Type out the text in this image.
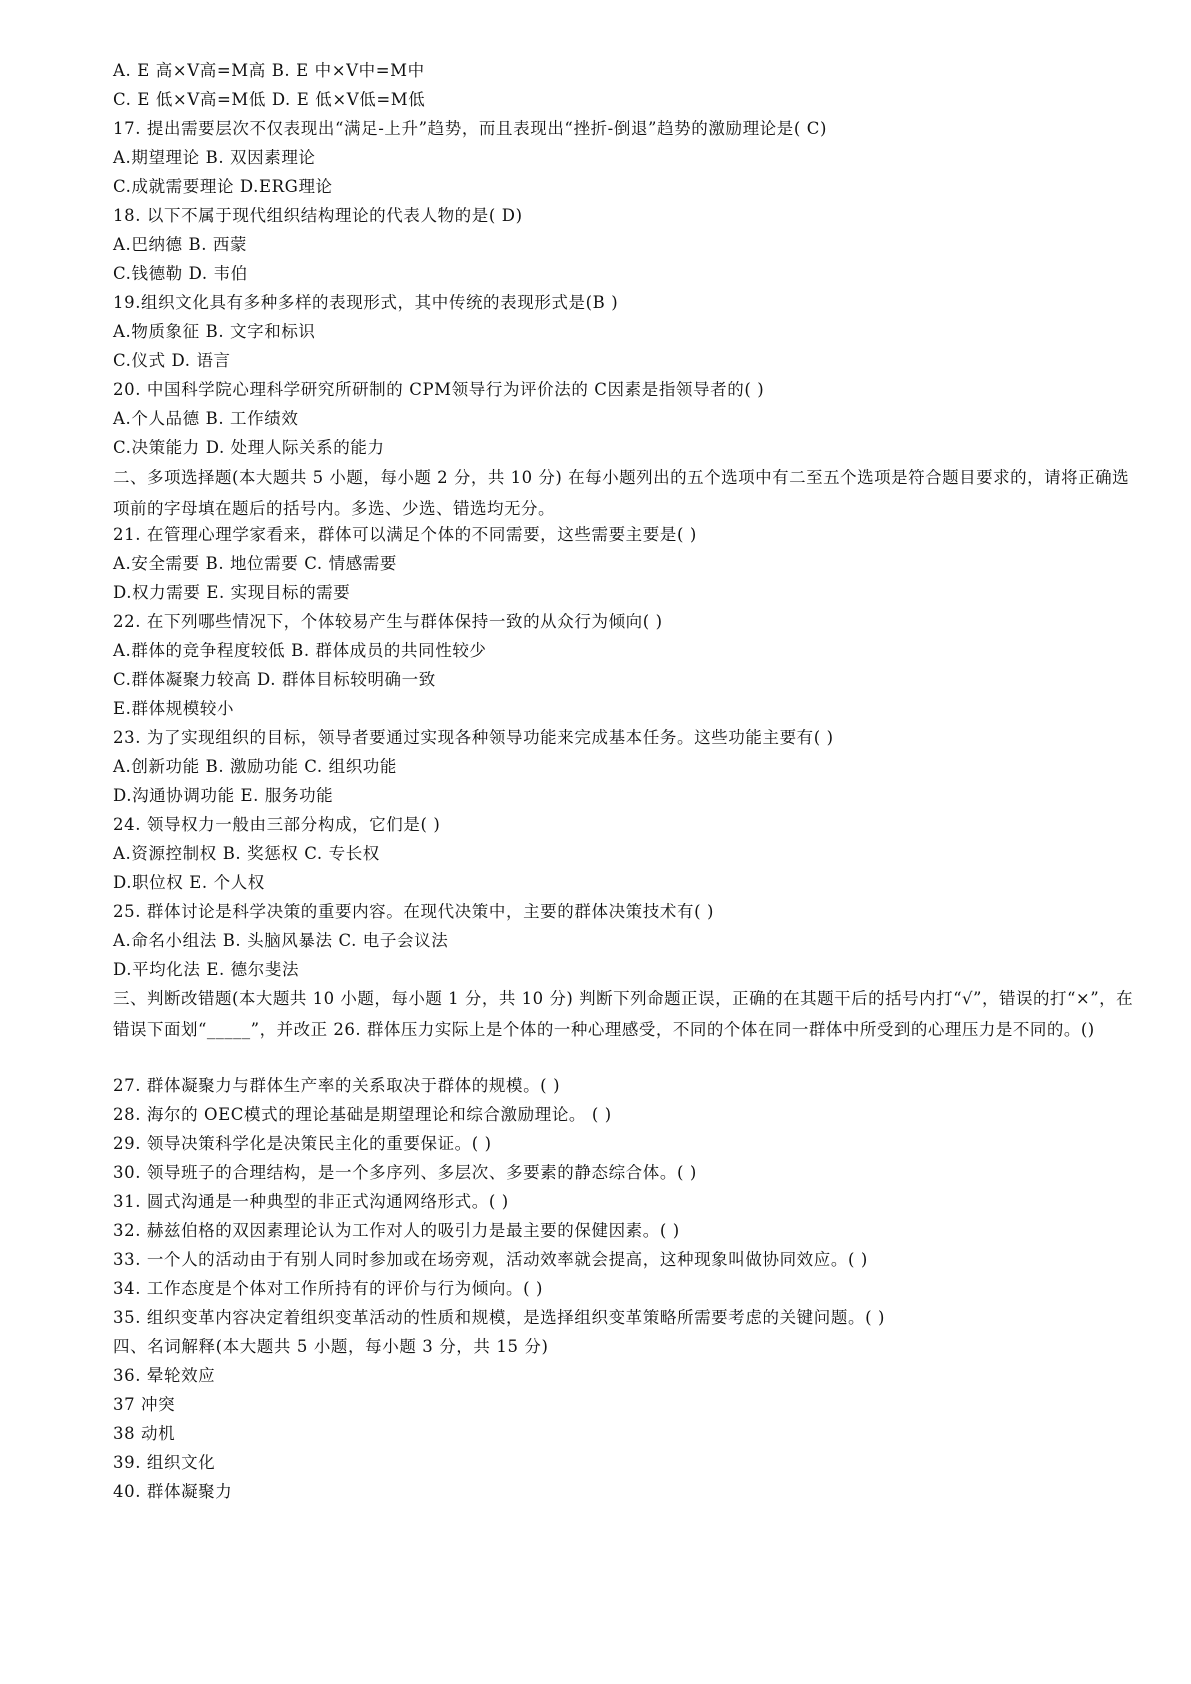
A. E 高×V高=M高 B. E 中×V中=M中
C. E 低×V高=M低 D. E 低×V低=M低
17. 提出需要层次不仅表现出“满足-上升”趋势，而且表现出“挫折-倒退”趋势的激励理论是( C)
A.期望理论 B. 双因素理论
C.成就需要理论 D.ERG理论
18. 以下不属于现代组织结构理论的代表人物的是( D)
A.巴纳德 B. 西蒙
C.钱德勒 D. 韦伯
19.组织文化具有多种多样的表现形式，其中传统的表现形式是(B )
A.物质象征 B. 文字和标识
C.仪式 D. 语言
20. 中国科学院心理科学研究所研制的 CPM领导行为评价法的 C因素是指领导者的( )
A.个人品德 B. 工作绩效
C.决策能力 D. 处理人际关系的能力
二、多项选择题(本大题共 5 小题，每小题 2 分，共 10 分) 在每小题列出的五个选项中有二至五个选项是符合题目要求的，请将正确选项前的字母填在题后的括号内。多选、少选、错选均无分。
21. 在管理心理学家看来，群体可以满足个体的不同需要，这些需要主要是( )
A.安全需要 B. 地位需要 C. 情感需要
D.权力需要 E. 实现目标的需要
22. 在下列哪些情况下，个体较易产生与群体保持一致的从众行为倾向( )
A.群体的竞争程度较低 B. 群体成员的共同性较少
C.群体凝聚力较高 D. 群体目标较明确一致
E.群体规模较小
23. 为了实现组织的目标，领导者要通过实现各种领导功能来完成基本任务。这些功能主要有( )
A.创新功能 B. 激励功能 C. 组织功能
D.沟通协调功能 E. 服务功能
24. 领导权力一般由三部分构成，它们是( )
A.资源控制权 B. 奖惩权 C. 专长权
D.职位权 E. 个人权
25. 群体讨论是科学决策的重要内容。在现代决策中，主要的群体决策技术有( )
A.命名小组法 B. 头脑风暴法 C. 电子会议法
D.平均化法 E. 德尔斐法
三、判断改错题(本大题共 10 小题，每小题 1 分，共 10 分) 判断下列命题正误，正确的在其题干后的括号内打“√”，错误的打“×”，在错误下面划“_____”，并改正 26. 群体压力实际上是个体的一种心理感受，不同的个体在同一群体中所受到的心理压力是不同的。()
27. 群体凝聚力与群体生产率的关系取决于群体的规模。( )
28. 海尔的 OEC模式的理论基础是期望理论和综合激励理论。 ( )
29. 领导决策科学化是决策民主化的重要保证。( )
30. 领导班子的合理结构，是一个多序列、多层次、多要素的静态综合体。( )
31. 圆式沟通是一种典型的非正式沟通网络形式。( )
32. 赫兹伯格的双因素理论认为工作对人的吸引力是最主要的保健因素。( )
33. 一个人的活动由于有别人同时参加或在场旁观，活动效率就会提高，这种现象叫做协同效应。( )
34. 工作态度是个体对工作所持有的评价与行为倾向。( )
35. 组织变革内容决定着组织变革活动的性质和规模，是选择组织变革策略所需要考虑的关键问题。( )
四、名词解释(本大题共 5 小题，每小题 3 分，共 15 分)
36. 晕轮效应
37 冲突
38 动机
39. 组织文化
40. 群体凝聚力
